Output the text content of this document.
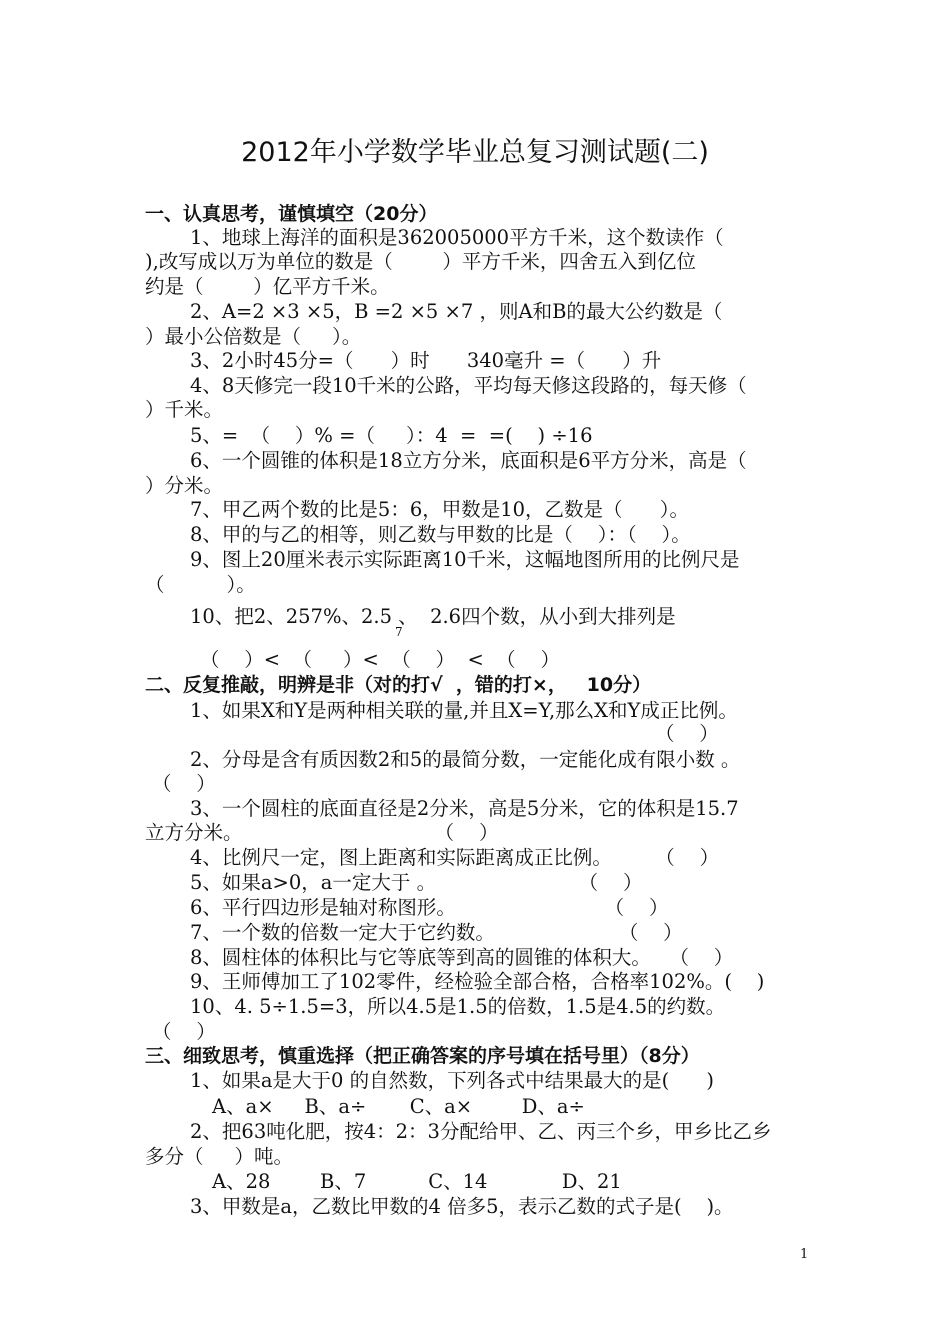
2012年小学数学毕业总复习测试题(二)
一、认真思考，谨慎填空（20分）
1、地球上海洋的面积是362005000平方千米，这个数读作（
),改写成以万为单位的数是（        ）平方千米，四舍五入到亿位
约是（        ）亿平方千米。
2、A=2 ×3 ×5，B =2 ×5 ×7 ，则A和B的最大公约数是（
）最小公倍数是（     ）。
3、2小时45分=（      ）时      340毫升 =（      ）升
4、8天修完一段10千米的公路，平均每天修这段路的，每天修（
）千米。
5、=  （    ）% =（     ）：4  =  =(    ) ÷16
6、一个圆锥的体积是18立方分米，底面积是6平方分米，高是（
）分米。
7、甲乙两个数的比是5：6，甲数是10，乙数是（      ）。
8、甲的与乙的相等，则乙数与甲数的比是（    ）：（    ）。
9、图上20厘米表示实际距离10千米，这幅地图所用的比例尺是
（          ）。
10、把2、257%、2.5 、  2.6四个数，从小到大排列是
7
（    ）<  （     ）<  （    ）  <  （    ）
二、反复推敲，明辨是非（对的打√  ，错的打×，   10分）
1、如果X和Y是两种相关联的量,并且X=Y,那么X和Y成正比例。
（    ）
2、分母是含有质因数2和5的最简分数，一定能化成有限小数 。
（    ）
3、一个圆柱的底面直径是2分米，高是5分米，它的体积是15.7
立方分米。                               （    ）
4、比例尺一定，图上距离和实际距离成正比例。       （    ）
5、如果a>0，a一定大于 。                       （    ）
6、平行四边形是轴对称图形。                        （    ）
7、一个数的倍数一定大于它约数。                    （    ）
8、圆柱体的体积比与它等底等到高的圆锥的体积大。   （    ）
9、王师傅加工了102零件，经检验全部合格，合格率102%。(    )
10、4. 5÷1.5=3，所以4.5是1.5的倍数，1.5是4.5的约数。
（    ）
三、细致思考，慎重选择（把正确答案的序号填在括号里）（8分）
1、如果a是大于0 的自然数，下列各式中结果最大的是(      )
A、a×     B、a÷       C、a×        D、a÷
2、把63吨化肥，按4：2：3分配给甲、乙、丙三个乡，甲乡比乙乡
多分（     ）吨。
A、28        B、7          C、14            D、21
3、甲数是a，乙数比甲数的4 倍多5，表示乙数的式子是(    )。
1
